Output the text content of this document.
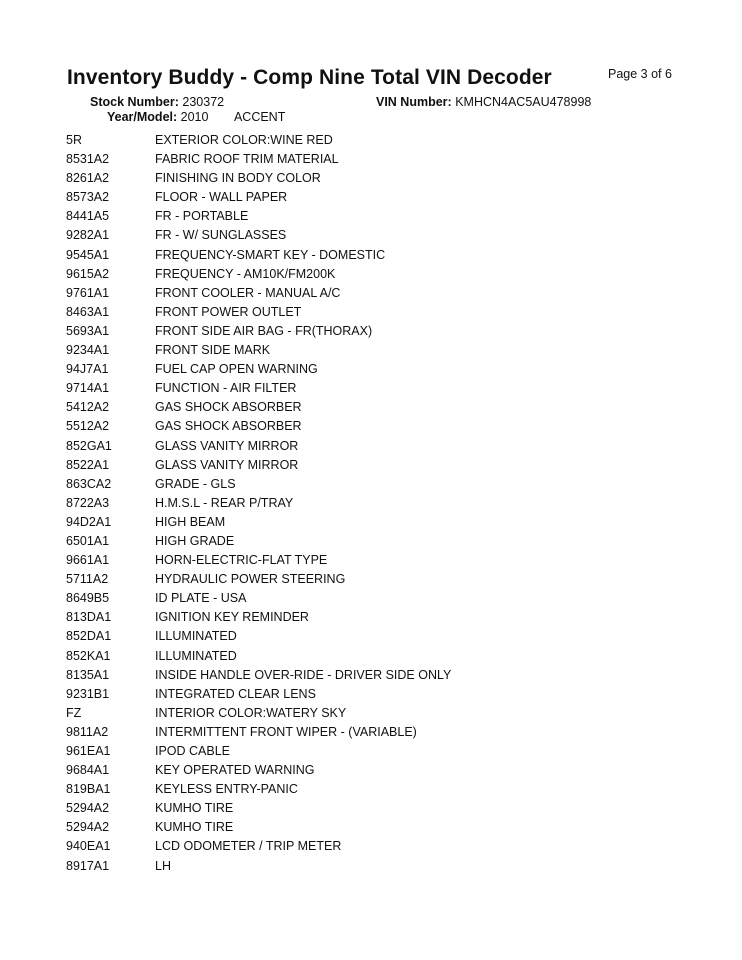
Inventory Buddy - Comp Nine Total VIN Decoder	Page 3 of 6
Stock Number: 230372	VIN Number: KMHCN4AC5AU478998
Year/Model: 2010 ACCENT
5R	EXTERIOR COLOR:WINE RED
8531A2	FABRIC ROOF TRIM MATERIAL
8261A2	FINISHING IN BODY COLOR
8573A2	FLOOR - WALL PAPER
8441A5	FR - PORTABLE
9282A1	FR - W/ SUNGLASSES
9545A1	FREQUENCY-SMART KEY - DOMESTIC
9615A2	FREQUENCY - AM10K/FM200K
9761A1	FRONT COOLER - MANUAL A/C
8463A1	FRONT POWER OUTLET
5693A1	FRONT SIDE AIR BAG - FR(THORAX)
9234A1	FRONT SIDE MARK
94J7A1	FUEL CAP OPEN WARNING
9714A1	FUNCTION - AIR FILTER
5412A2	GAS SHOCK ABSORBER
5512A2	GAS SHOCK ABSORBER
852GA1	GLASS VANITY MIRROR
8522A1	GLASS VANITY MIRROR
863CA2	GRADE - GLS
8722A3	H.M.S.L - REAR P/TRAY
94D2A1	HIGH BEAM
6501A1	HIGH GRADE
9661A1	HORN-ELECTRIC-FLAT TYPE
5711A2	HYDRAULIC POWER STEERING
8649B5	ID PLATE - USA
813DA1	IGNITION KEY REMINDER
852DA1	ILLUMINATED
852KA1	ILLUMINATED
8135A1	INSIDE HANDLE OVER-RIDE - DRIVER SIDE ONLY
9231B1	INTEGRATED CLEAR LENS
FZ	INTERIOR COLOR:WATERY SKY
9811A2	INTERMITTENT FRONT WIPER - (VARIABLE)
961EA1	IPOD CABLE
9684A1	KEY OPERATED WARNING
819BA1	KEYLESS ENTRY-PANIC
5294A2	KUMHO TIRE
5294A2	KUMHO TIRE
940EA1	LCD ODOMETER / TRIP METER
8917A1	LH
